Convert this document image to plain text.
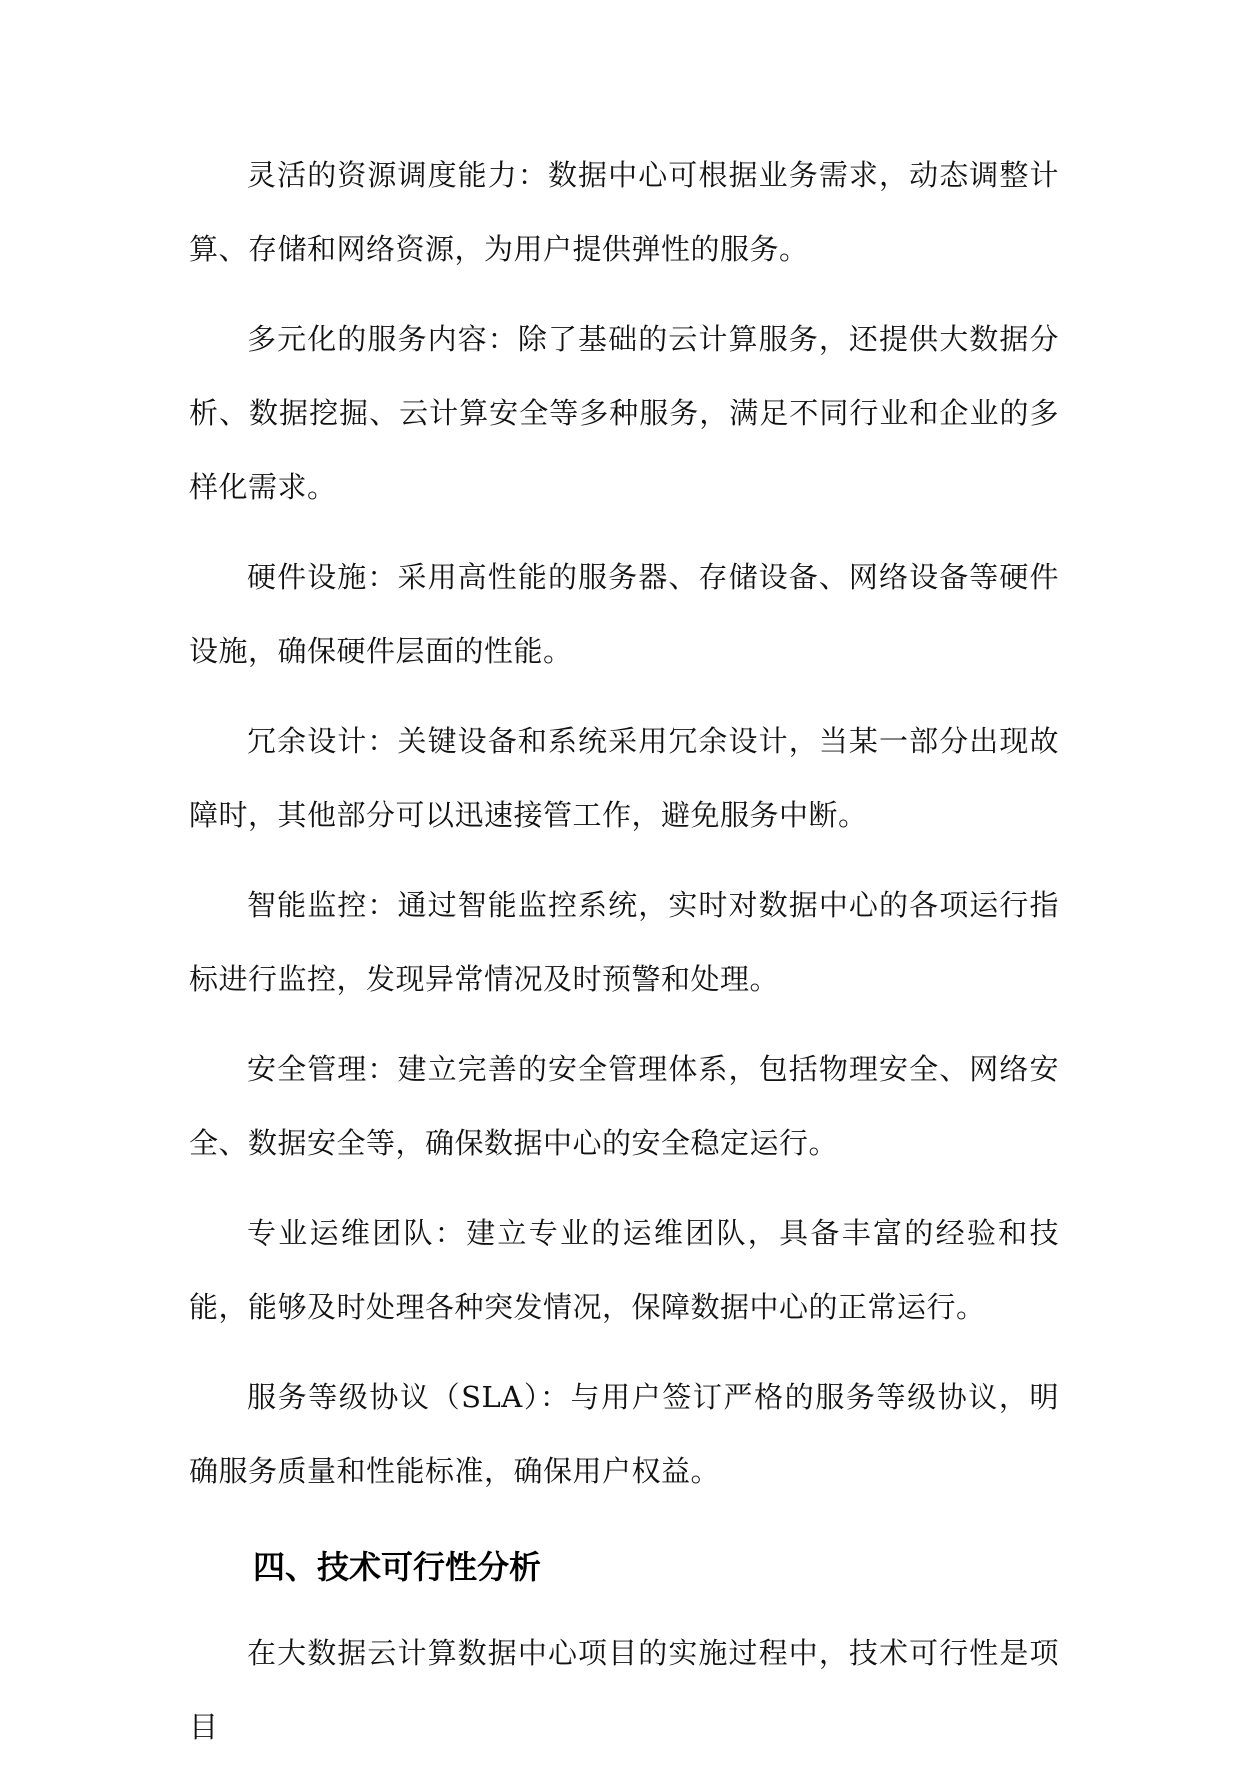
灵活的资源调度能力：数据中心可根据业务需求，动态调整计算、存储和网络资源，为用户提供弹性的服务。

多元化的服务内容：除了基础的云计算服务，还提供大数据分析、数据挖掘、云计算安全等多种服务，满足不同行业和企业的多样化需求。

硬件设施：采用高性能的服务器、存储设备、网络设备等硬件设施，确保硬件层面的性能。

冗余设计：关键设备和系统采用冗余设计，当某一部分出现故障时，其他部分可以迅速接管工作，避免服务中断。

智能监控：通过智能监控系统，实时对数据中心的各项运行指标进行监控，发现异常情况及时预警和处理。

安全管理：建立完善的安全管理体系，包括物理安全、网络安全、数据安全等，确保数据中心的安全稳定运行。

专业运维团队：建立专业的运维团队，具备丰富的经验和技能，能够及时处理各种突发情况，保障数据中心的正常运行。

服务等级协议（SLA）：与用户签订严格的服务等级协议，明确服务质量和性能标准，确保用户权益。

四、技术可行性分析

在大数据云计算数据中心项目的实施过程中，技术可行性是项目
